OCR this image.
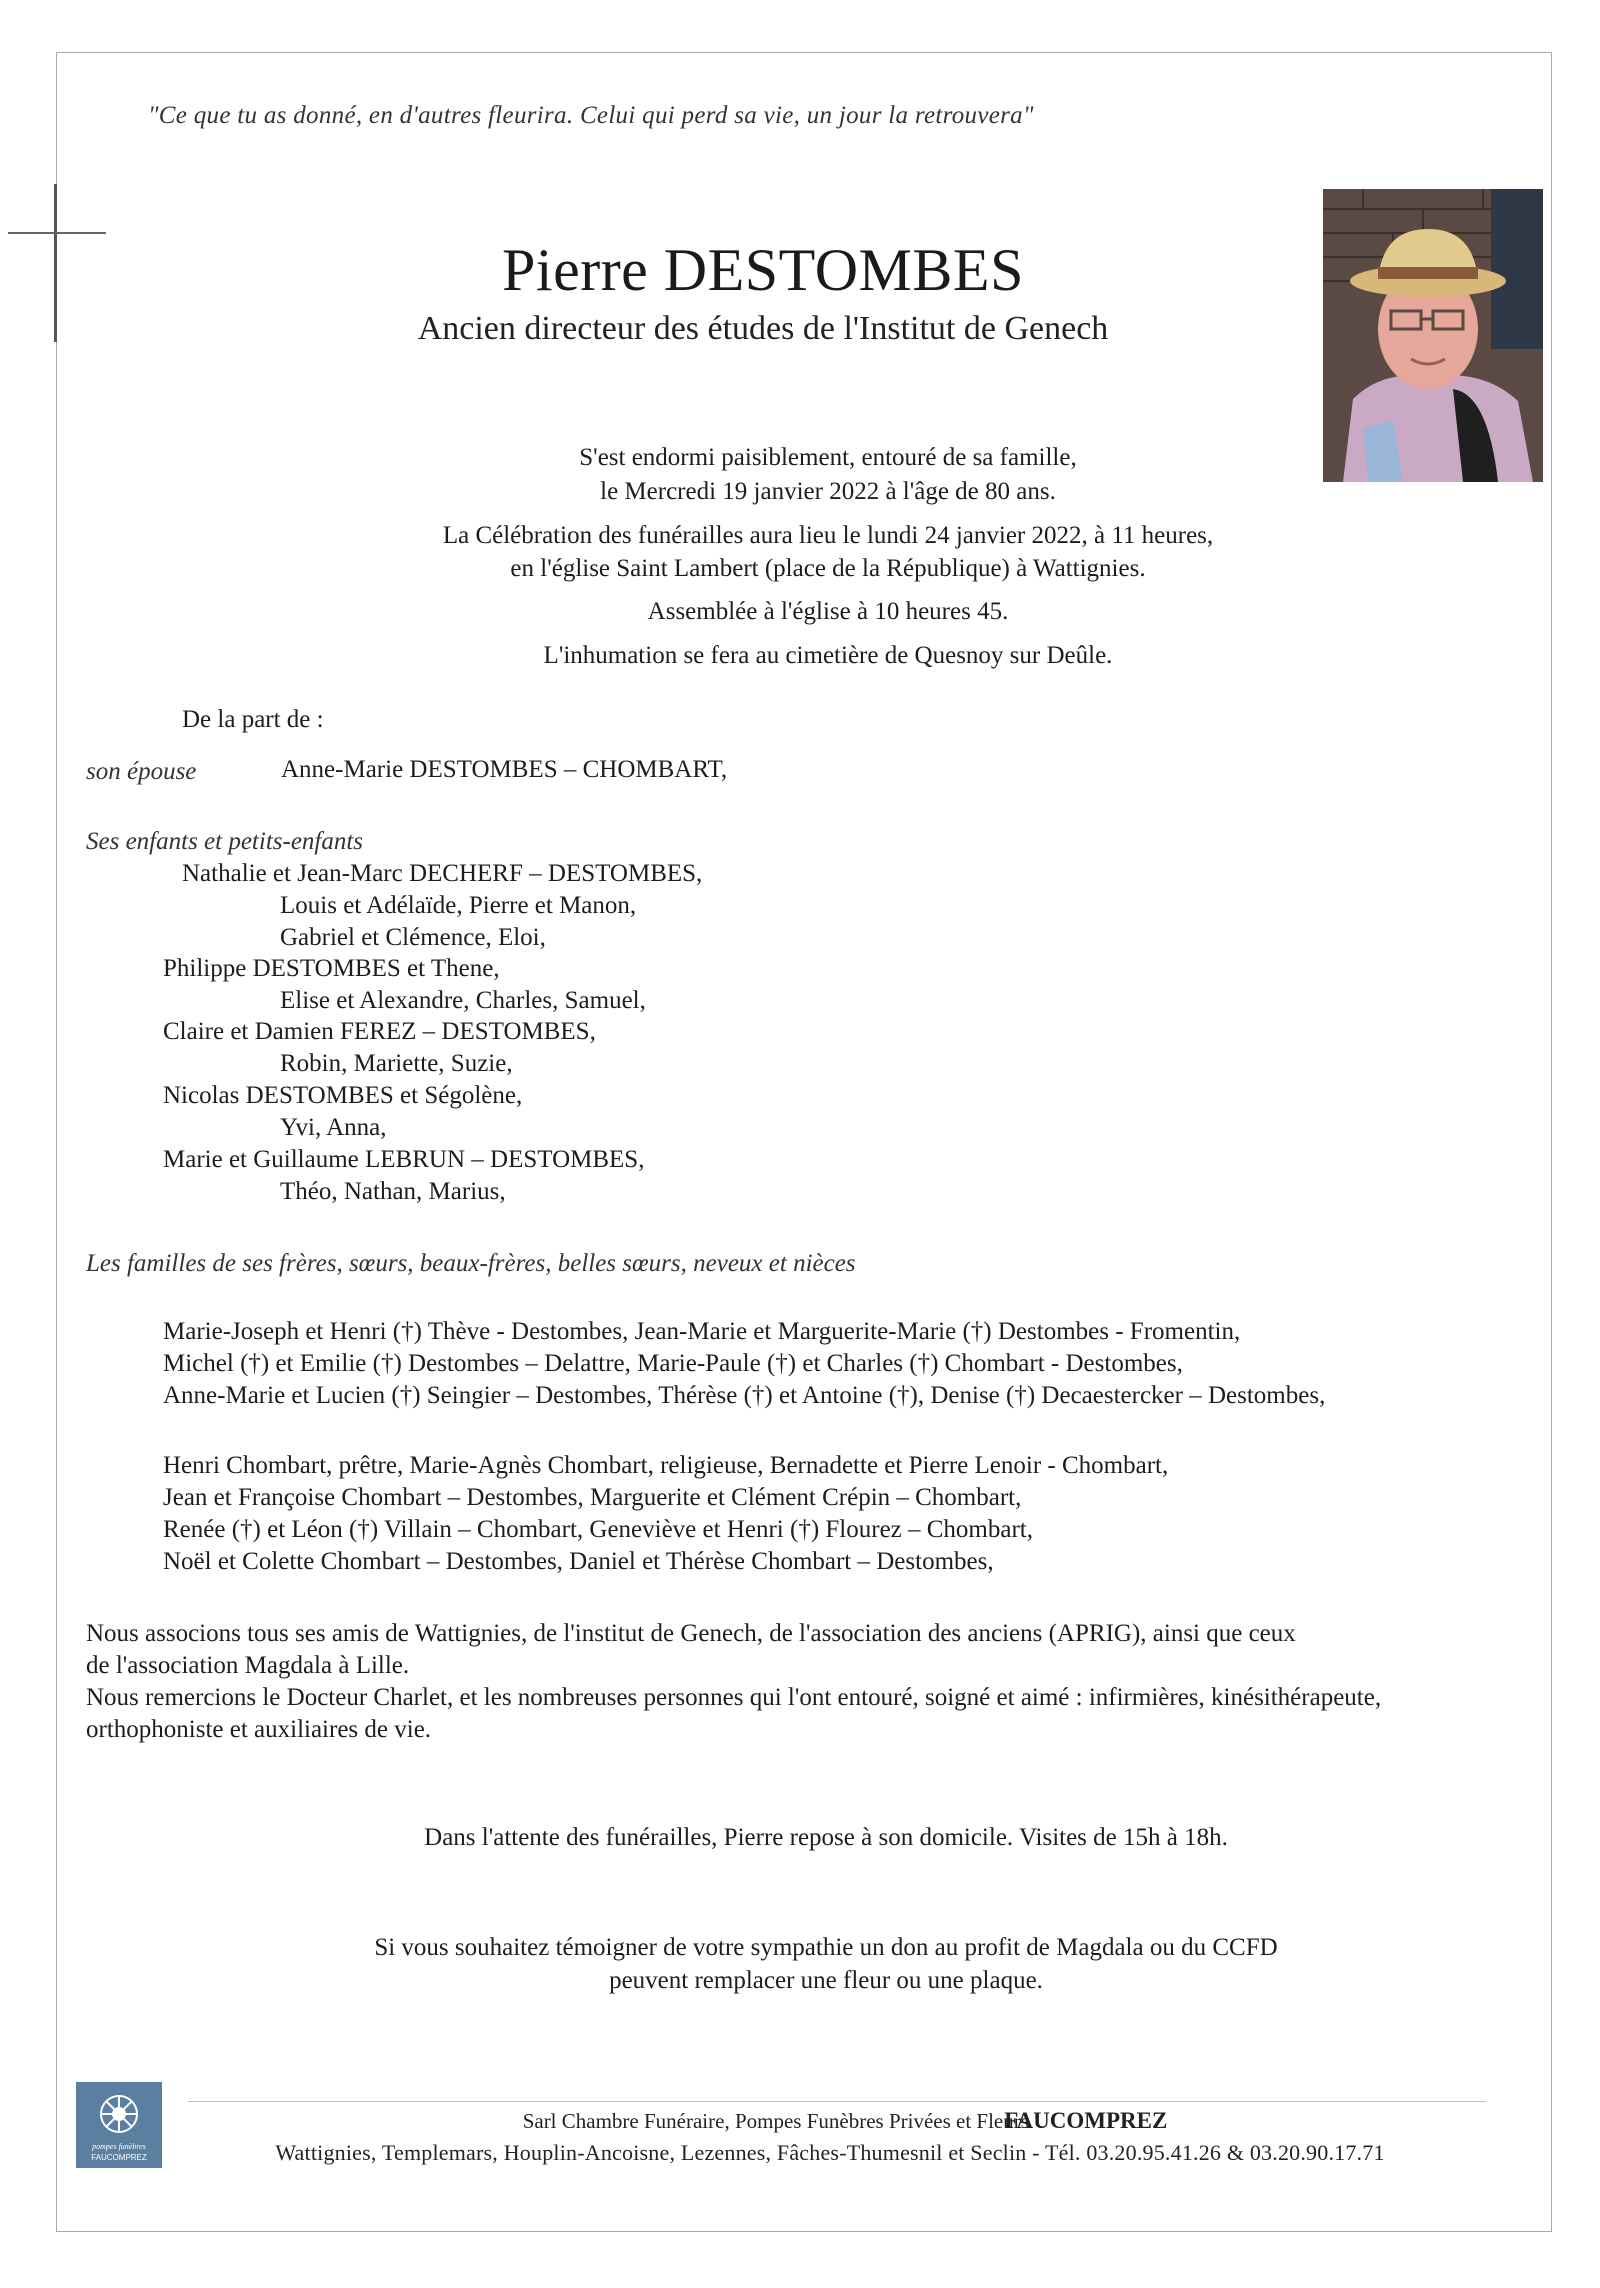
"Ce que tu as donné, en d'autres fleurira. Celui qui perd sa vie, un jour la retrouvera"
Pierre DESTOMBES
Ancien directeur des études de l'Institut de Genech
S'est endormi paisiblement, entouré de sa famille,
le Mercredi 19 janvier 2022 à l'âge de 80 ans.
La Célébration des funérailles aura lieu le lundi 24 janvier 2022, à 11 heures,
en l'église Saint Lambert (place de la République) à Wattignies.
Assemblée à l'église à 10 heures 45.
L'inhumation se fera au cimetière de Quesnoy sur Deûle.
De la part de :
son épouse	Anne-Marie DESTOMBES – CHOMBART,
Ses enfants et petits-enfants
Nathalie et Jean-Marc DECHERF – DESTOMBES,
Louis et Adélaïde, Pierre et Manon,
Gabriel et Clémence, Eloi,
Philippe DESTOMBES et Thene,
Elise et Alexandre, Charles, Samuel,
Claire et Damien FEREZ – DESTOMBES,
Robin, Mariette, Suzie,
Nicolas DESTOMBES et Ségolène,
Yvi, Anna,
Marie et Guillaume LEBRUN – DESTOMBES,
Théo, Nathan, Marius,
Les familles de ses frères, sœurs, beaux-frères, belles sœurs, neveux et nièces
Marie-Joseph et Henri (†) Thève - Destombes, Jean-Marie et Marguerite-Marie (†) Destombes - Fromentin,
Michel (†) et Emilie (†) Destombes – Delattre, Marie-Paule (†) et Charles (†) Chombart - Destombes,
Anne-Marie et Lucien (†) Seingier – Destombes, Thérèse (†) et Antoine (†), Denise (†) Decaestercker – Destombes,
Henri Chombart, prêtre, Marie-Agnès Chombart, religieuse, Bernadette et Pierre Lenoir - Chombart,
Jean et Françoise Chombart – Destombes, Marguerite et Clément Crépin – Chombart,
Renée (†) et Léon (†) Villain – Chombart, Geneviève et Henri (†) Flourez – Chombart,
Noël et Colette Chombart – Destombes, Daniel et Thérèse Chombart – Destombes,
Nous associons tous ses amis de Wattignies, de l'institut de Genech, de l'association des anciens (APRIG), ainsi que ceux
de l'association Magdala à Lille.
Nous remercions le Docteur Charlet, et les nombreuses personnes qui l'ont entouré, soigné et aimé : infirmières, kinésithérapeute,
orthophoniste et auxiliaires de vie.
Dans l'attente des funérailles, Pierre repose à son domicile. Visites de 15h à 18h.
Si vous souhaitez témoigner de votre sympathie un don au profit de Magdala ou du CCFD
peuvent remplacer une fleur ou une plaque.
pompes funèbres
FAUCOMPREZ
Sarl Chambre Funéraire, Pompes Funèbres Privées et Fleurs FAUCOMPREZ
Wattignies, Templemars, Houplin-Ancoisne, Lezennes, Fâches-Thumesnil et Seclin - Tél. 03.20.95.41.26 & 03.20.90.17.71
